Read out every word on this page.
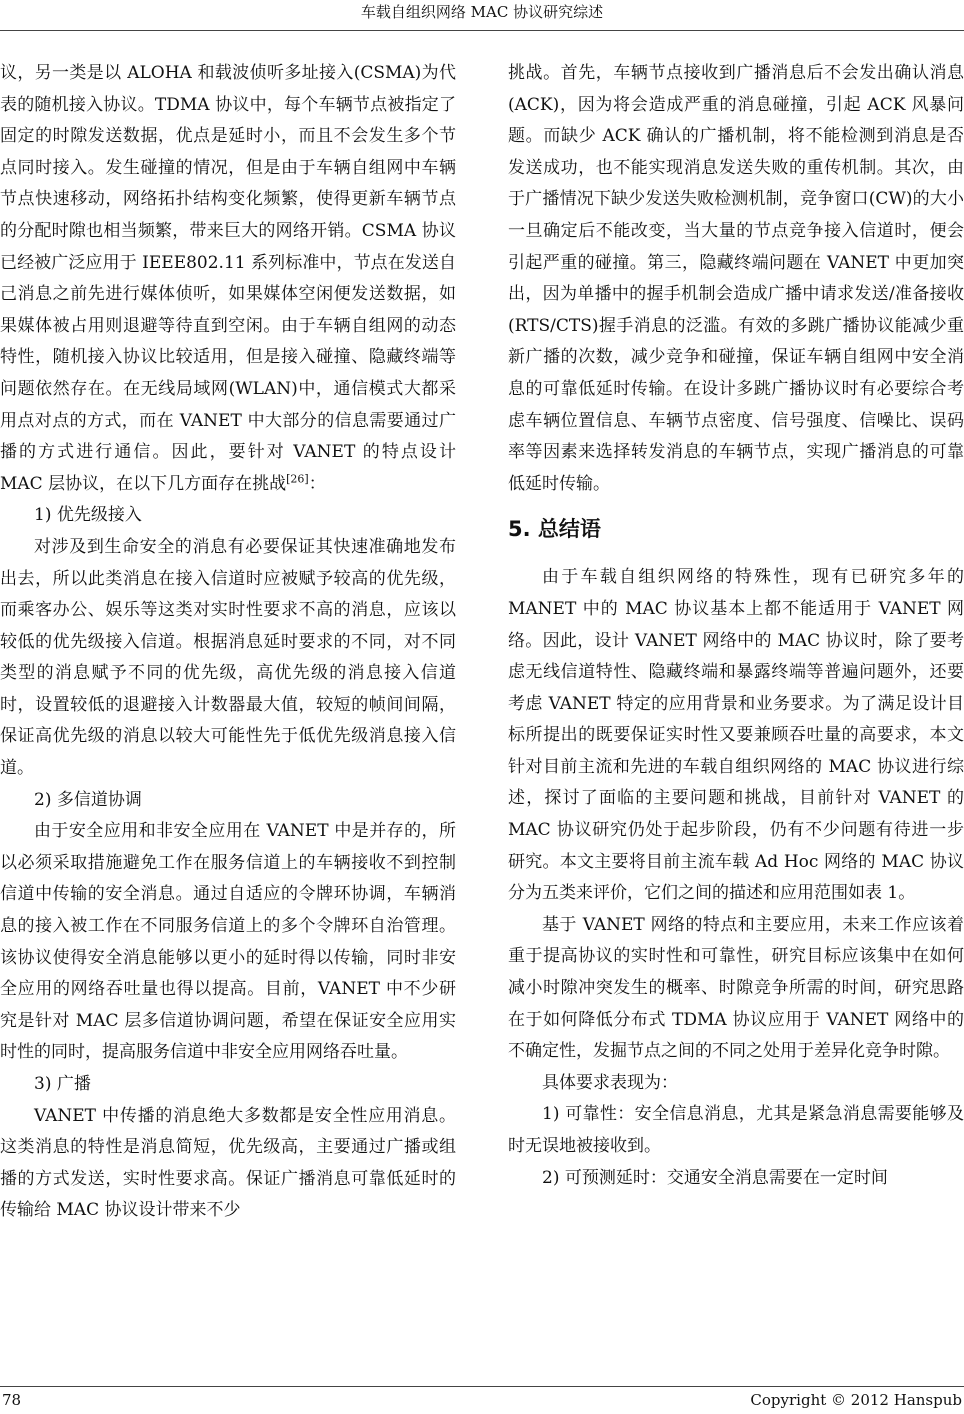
车载自组织网络 MAC 协议研究综述

议，另一类是以 ALOHA 和载波侦听多址接入(CSMA)为代表的随机接入协议。TDMA 协议中，每个车辆节点被指定了固定的时隙发送数据，优点是延时小，而且不会发生多个节点同时接入。发生碰撞的情况，但是由于车辆自组网中车辆节点快速移动，网络拓扑结构变化频繁，使得更新车辆节点的分配时隙也相当频繁，带来巨大的网络开销。CSMA 协议已经被广泛应用于 IEEE802.11 系列标准中，节点在发送自己消息之前先进行媒体侦听，如果媒体空闲便发送数据，如果媒体被占用则退避等待直到空闲。由于车辆自组网的动态特性，随机接入协议比较适用，但是接入碰撞、隐藏终端等问题依然存在。在无线局域网(WLAN)中，通信模式大都采用点对点的方式，而在 VANET 中大部分的信息需要通过广播的方式进行通信。因此，要针对 VANET 的特点设计 MAC 层协议，在以下几方面存在挑战[26]：

1) 优先级接入

对涉及到生命安全的消息有必要保证其快速准确地发布出去，所以此类消息在接入信道时应被赋予较高的优先级，而乘客办公、娱乐等这类对实时性要求不高的消息，应该以较低的优先级接入信道。根据消息延时要求的不同，对不同类型的消息赋予不同的优先级，高优先级的消息接入信道时，设置较低的退避接入计数器最大值，较短的帧间间隔，保证高优先级的消息以较大可能性先于低优先级消息接入信道。

2) 多信道协调

由于安全应用和非安全应用在 VANET 中是并存的，所以必须采取措施避免工作在服务信道上的车辆接收不到控制信道中传输的安全消息。通过自适应的令牌环协调，车辆消息的接入被工作在不同服务信道上的多个令牌环自治管理。该协议使得安全消息能够以更小的延时得以传输，同时非安全应用的网络吞吐量也得以提高。目前，VANET 中不少研究是针对 MAC 层多信道协调问题，希望在保证安全应用实时性的同时，提高服务信道中非安全应用网络吞吐量。

3) 广播

VANET 中传播的消息绝大多数都是安全性应用消息。这类消息的特性是消息简短，优先级高，主要通过广播或组播的方式发送，实时性要求高。保证广播消息可靠低延时的传输给 MAC 协议设计带来不少

挑战。首先，车辆节点接收到广播消息后不会发出确认消息(ACK)，因为将会造成严重的消息碰撞，引起 ACK 风暴问题。而缺少 ACK 确认的广播机制，将不能检测到消息是否发送成功，也不能实现消息发送失败的重传机制。其次，由于广播情况下缺少发送失败检测机制，竞争窗口(CW)的大小一旦确定后不能改变，当大量的节点竞争接入信道时，便会引起严重的碰撞。第三，隐藏终端问题在 VANET 中更加突出，因为单播中的握手机制会造成广播中请求发送/准备接收(RTS/CTS)握手消息的泛滥。有效的多跳广播协议能减少重新广播的次数，减少竞争和碰撞，保证车辆自组网中安全消息的可靠低延时传输。在设计多跳广播协议时有必要综合考虑车辆位置信息、车辆节点密度、信号强度、信噪比、误码率等因素来选择转发消息的车辆节点，实现广播消息的可靠低延时传输。

5. 总结语

由于车载自组织网络的特殊性，现有已研究多年的 MANET 中的 MAC 协议基本上都不能适用于 VANET 网络。因此，设计 VANET 网络中的 MAC 协议时，除了要考虑无线信道特性、隐藏终端和暴露终端等普遍问题外，还要考虑 VANET 特定的应用背景和业务要求。为了满足设计目标所提出的既要保证实时性又要兼顾吞吐量的高要求，本文针对目前主流和先进的车载自组织网络的 MAC 协议进行综述，探讨了面临的主要问题和挑战，目前针对 VANET 的 MAC 协议研究仍处于起步阶段，仍有不少问题有待进一步研究。本文主要将目前主流车载 Ad Hoc 网络的 MAC 协议分为五类来评价，它们之间的描述和应用范围如表 1。

基于 VANET 网络的特点和主要应用，未来工作应该着重于提高协议的实时性和可靠性，研究目标应该集中在如何减小时隙冲突发生的概率、时隙竞争所需的时间，研究思路在于如何降低分布式 TDMA 协议应用于 VANET 网络中的不确定性，发掘节点之间的不同之处用于差异化竞争时隙。

具体要求表现为：

1) 可靠性：安全信息消息，尤其是紧急消息需要能够及时无误地被接收到。

2) 可预测延时：交通安全消息需要在一定时间

78	Copyright © 2012 Hanspub
